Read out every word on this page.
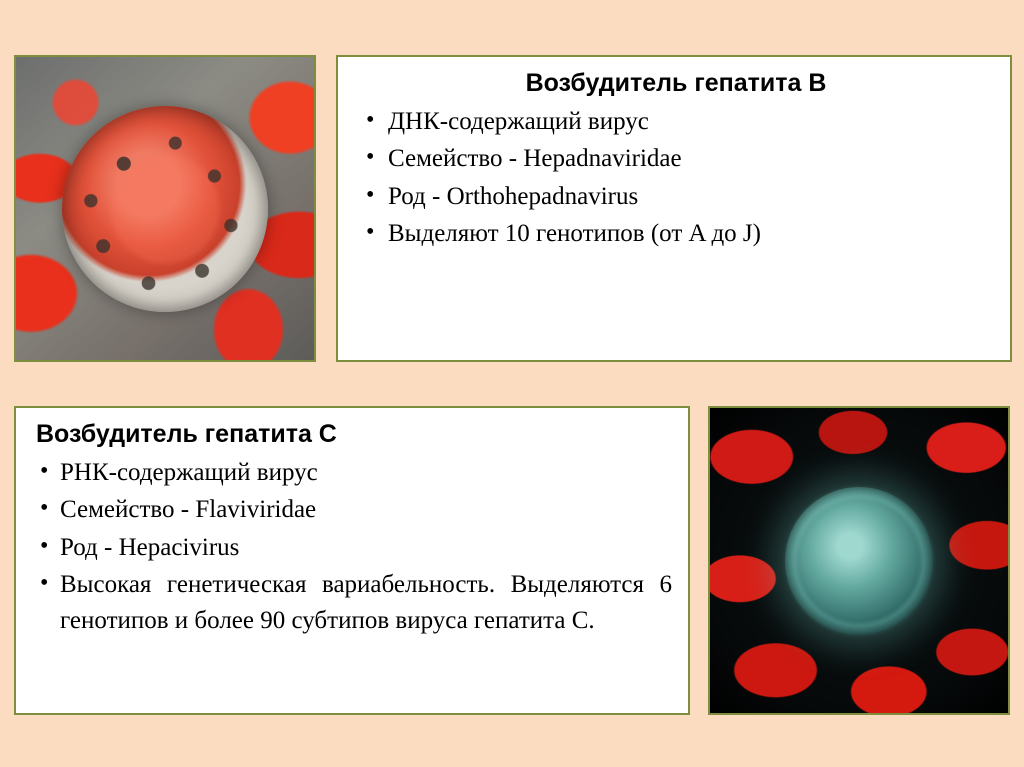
Возбудитель гепатита В
• ДНК-содержащий вирус
• Семейство - Hepadnaviridae
• Род - Orthohepadnavirus
• Выделяют 10 генотипов (от A до J)
Возбудитель гепатита С
• РНК-содержащий вирус
• Семейство - Flaviviridae
• Род - Hepacivirus
• Высокая генетическая вариабельность. Выделяются 6 генотипов и более 90 субтипов вируса гепатита С.
